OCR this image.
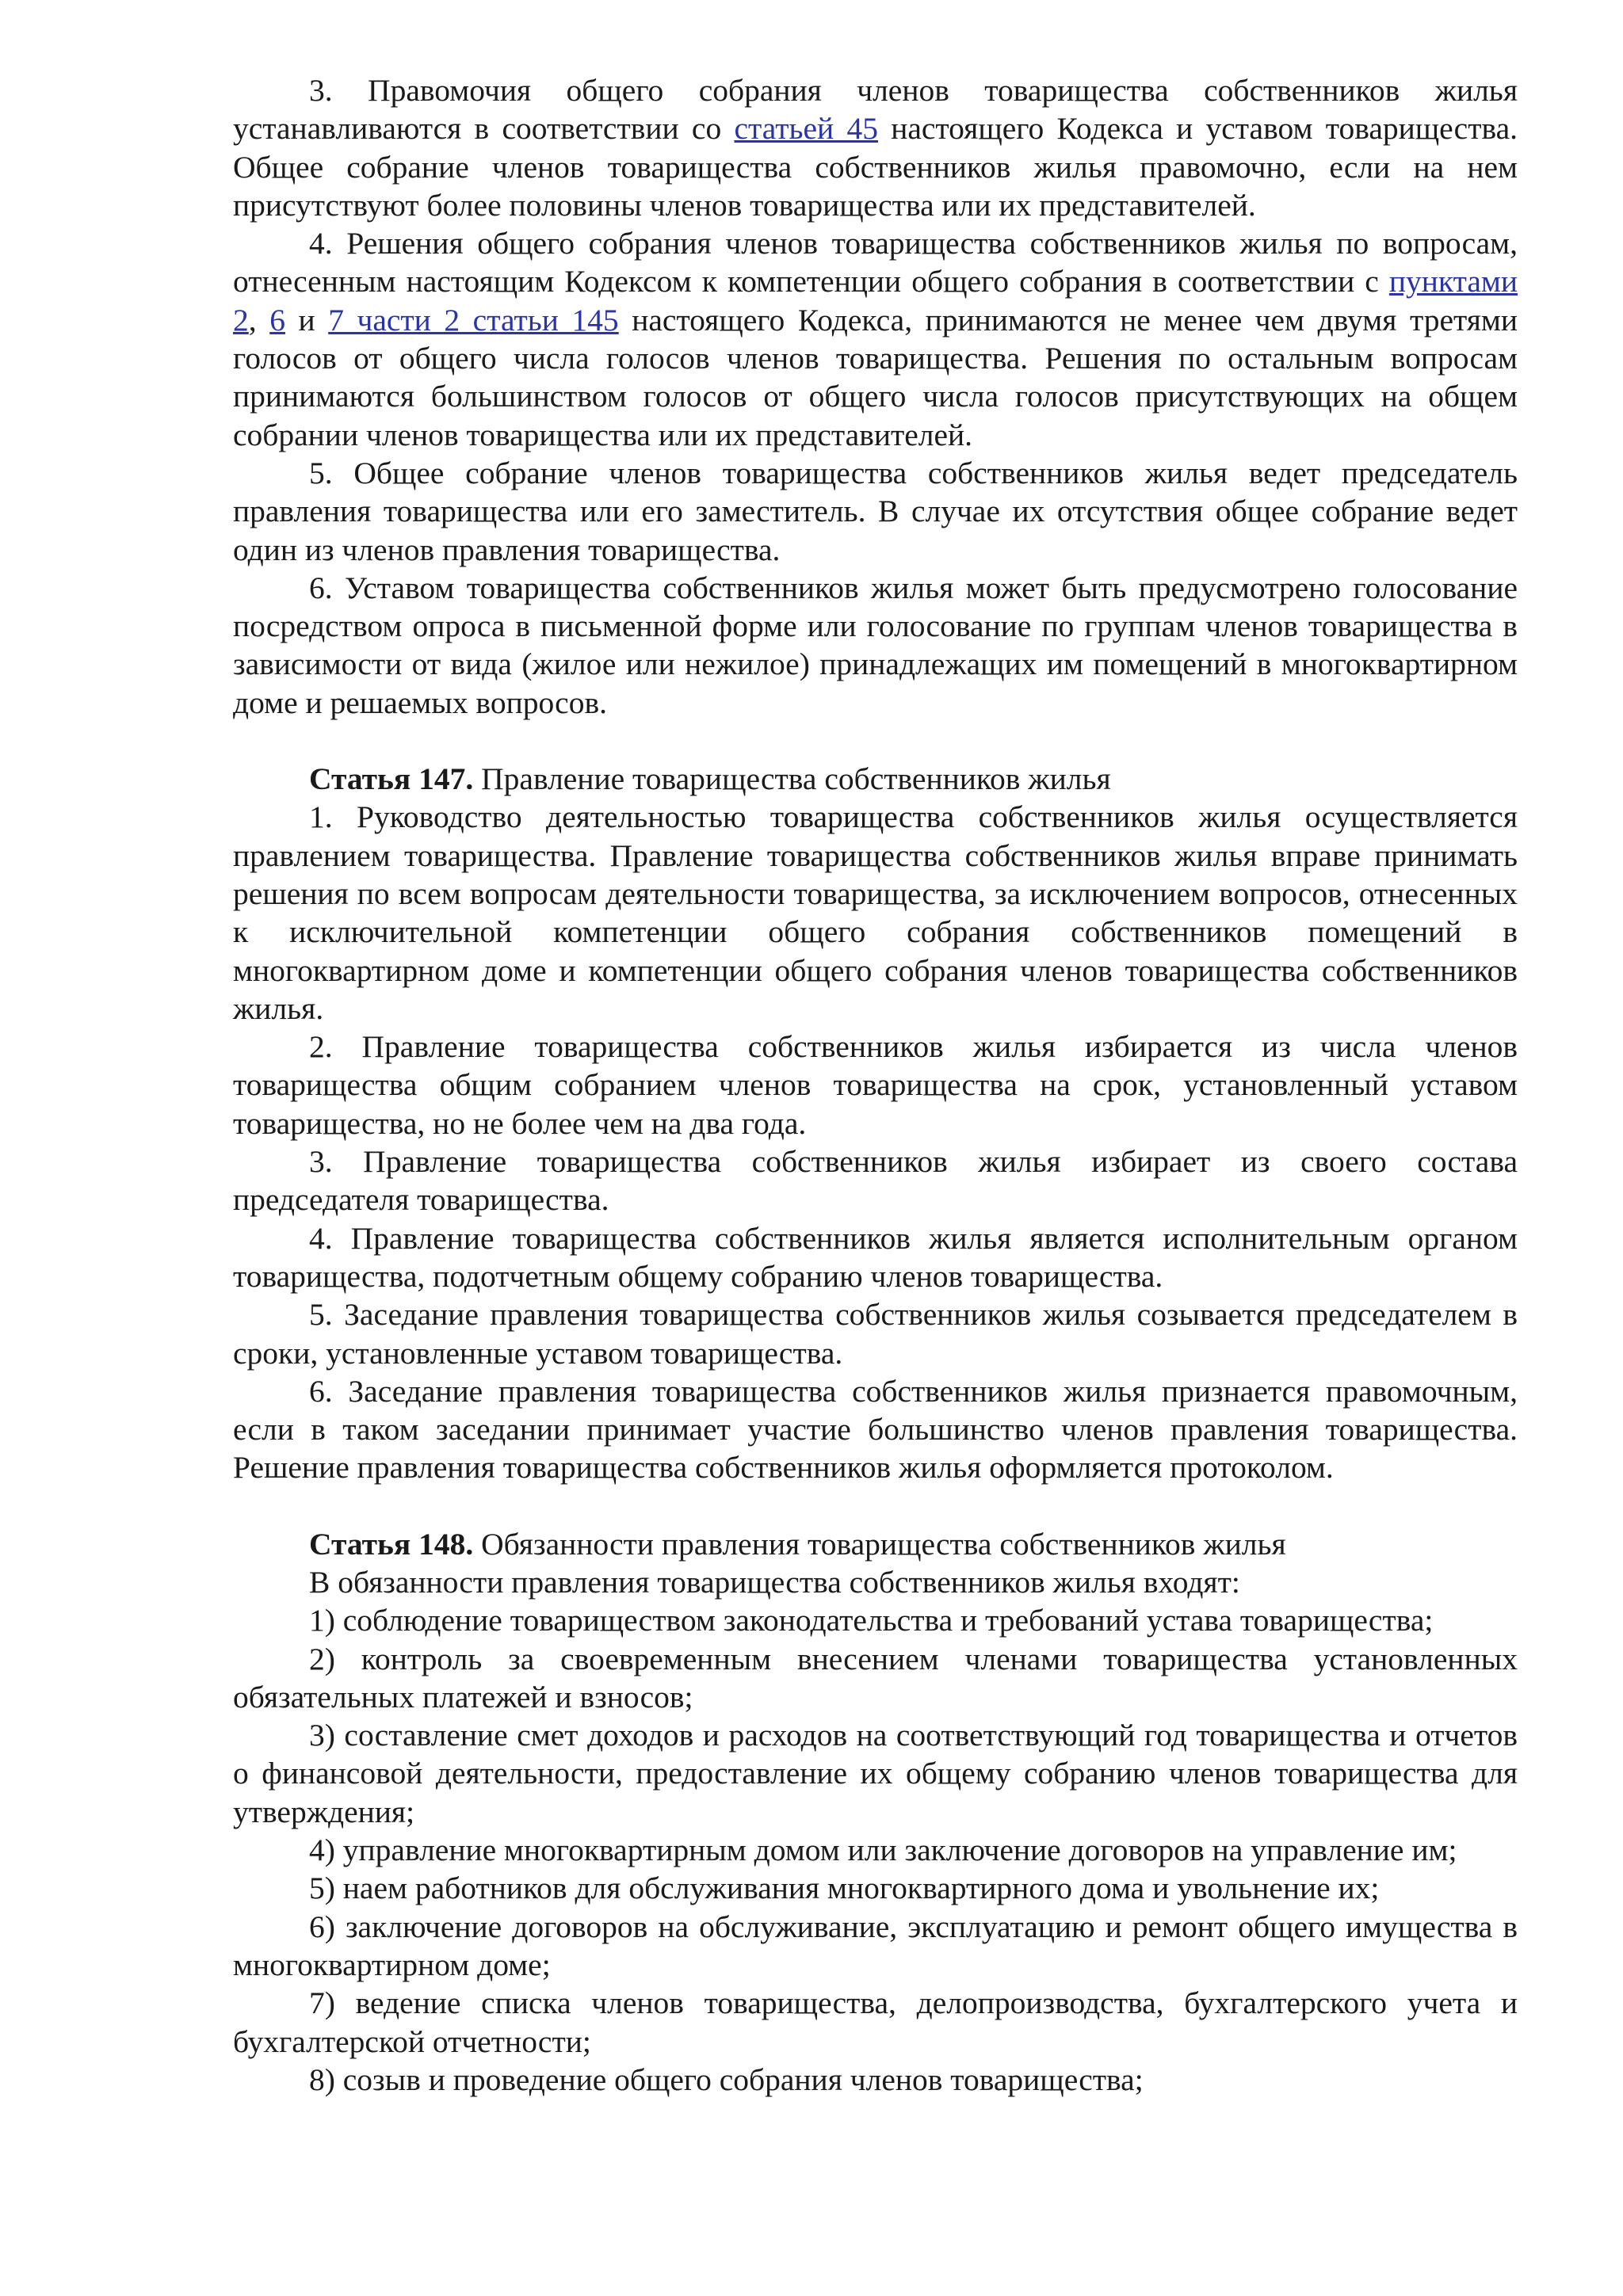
3. Правомочия общего собрания членов товарищества собственников жилья устанавливаются в соответствии со статьей 45 настоящего Кодекса и уставом товарищества. Общее собрание членов товарищества собственников жилья правомочно, если на нем присутствуют более половины членов товарищества или их представителей.

4. Решения общего собрания членов товарищества собственников жилья по вопросам, отнесенным настоящим Кодексом к компетенции общего собрания в соответствии с пунктами 2, 6 и 7 части 2 статьи 145 настоящего Кодекса, принимаются не менее чем двумя третями голосов от общего числа голосов членов товарищества. Решения по остальным вопросам принимаются большинством голосов от общего числа голосов присутствующих на общем собрании членов товарищества или их представителей.

5. Общее собрание членов товарищества собственников жилья ведет председатель правления товарищества или его заместитель. В случае их отсутствия общее собрание ведет один из членов правления товарищества.

6. Уставом товарищества собственников жилья может быть предусмотрено голосование посредством опроса в письменной форме или голосование по группам членов товарищества в зависимости от вида (жилое или нежилое) принадлежащих им помещений в многоквартирном доме и решаемых вопросов.

Статья 147. Правление товарищества собственников жилья

1. Руководство деятельностью товарищества собственников жилья осуществляется правлением товарищества. Правление товарищества собственников жилья вправе принимать решения по всем вопросам деятельности товарищества, за исключением вопросов, отнесенных к исключительной компетенции общего собрания собственников помещений в многоквартирном доме и компетенции общего собрания членов товарищества собственников жилья.

2. Правление товарищества собственников жилья избирается из числа членов товарищества общим собранием членов товарищества на срок, установленный уставом товарищества, но не более чем на два года.

3. Правление товарищества собственников жилья избирает из своего состава председателя товарищества.

4. Правление товарищества собственников жилья является исполнительным органом товарищества, подотчетным общему собранию членов товарищества.

5. Заседание правления товарищества собственников жилья созывается председателем в сроки, установленные уставом товарищества.

6. Заседание правления товарищества собственников жилья признается правомочным, если в таком заседании принимает участие большинство членов правления товарищества. Решение правления товарищества собственников жилья оформляется протоколом.

Статья 148. Обязанности правления товарищества собственников жилья

В обязанности правления товарищества собственников жилья входят:

1) соблюдение товариществом законодательства и требований устава товарищества;

2) контроль за своевременным внесением членами товарищества установленных обязательных платежей и взносов;

3) составление смет доходов и расходов на соответствующий год товарищества и отчетов о финансовой деятельности, предоставление их общему собранию членов товарищества для утверждения;

4) управление многоквартирным домом или заключение договоров на управление им;

5) наем работников для обслуживания многоквартирного дома и увольнение их;

6) заключение договоров на обслуживание, эксплуатацию и ремонт общего имущества в многоквартирном доме;

7) ведение списка членов товарищества, делопроизводства, бухгалтерского учета и бухгалтерской отчетности;

8) созыв и проведение общего собрания членов товарищества;
